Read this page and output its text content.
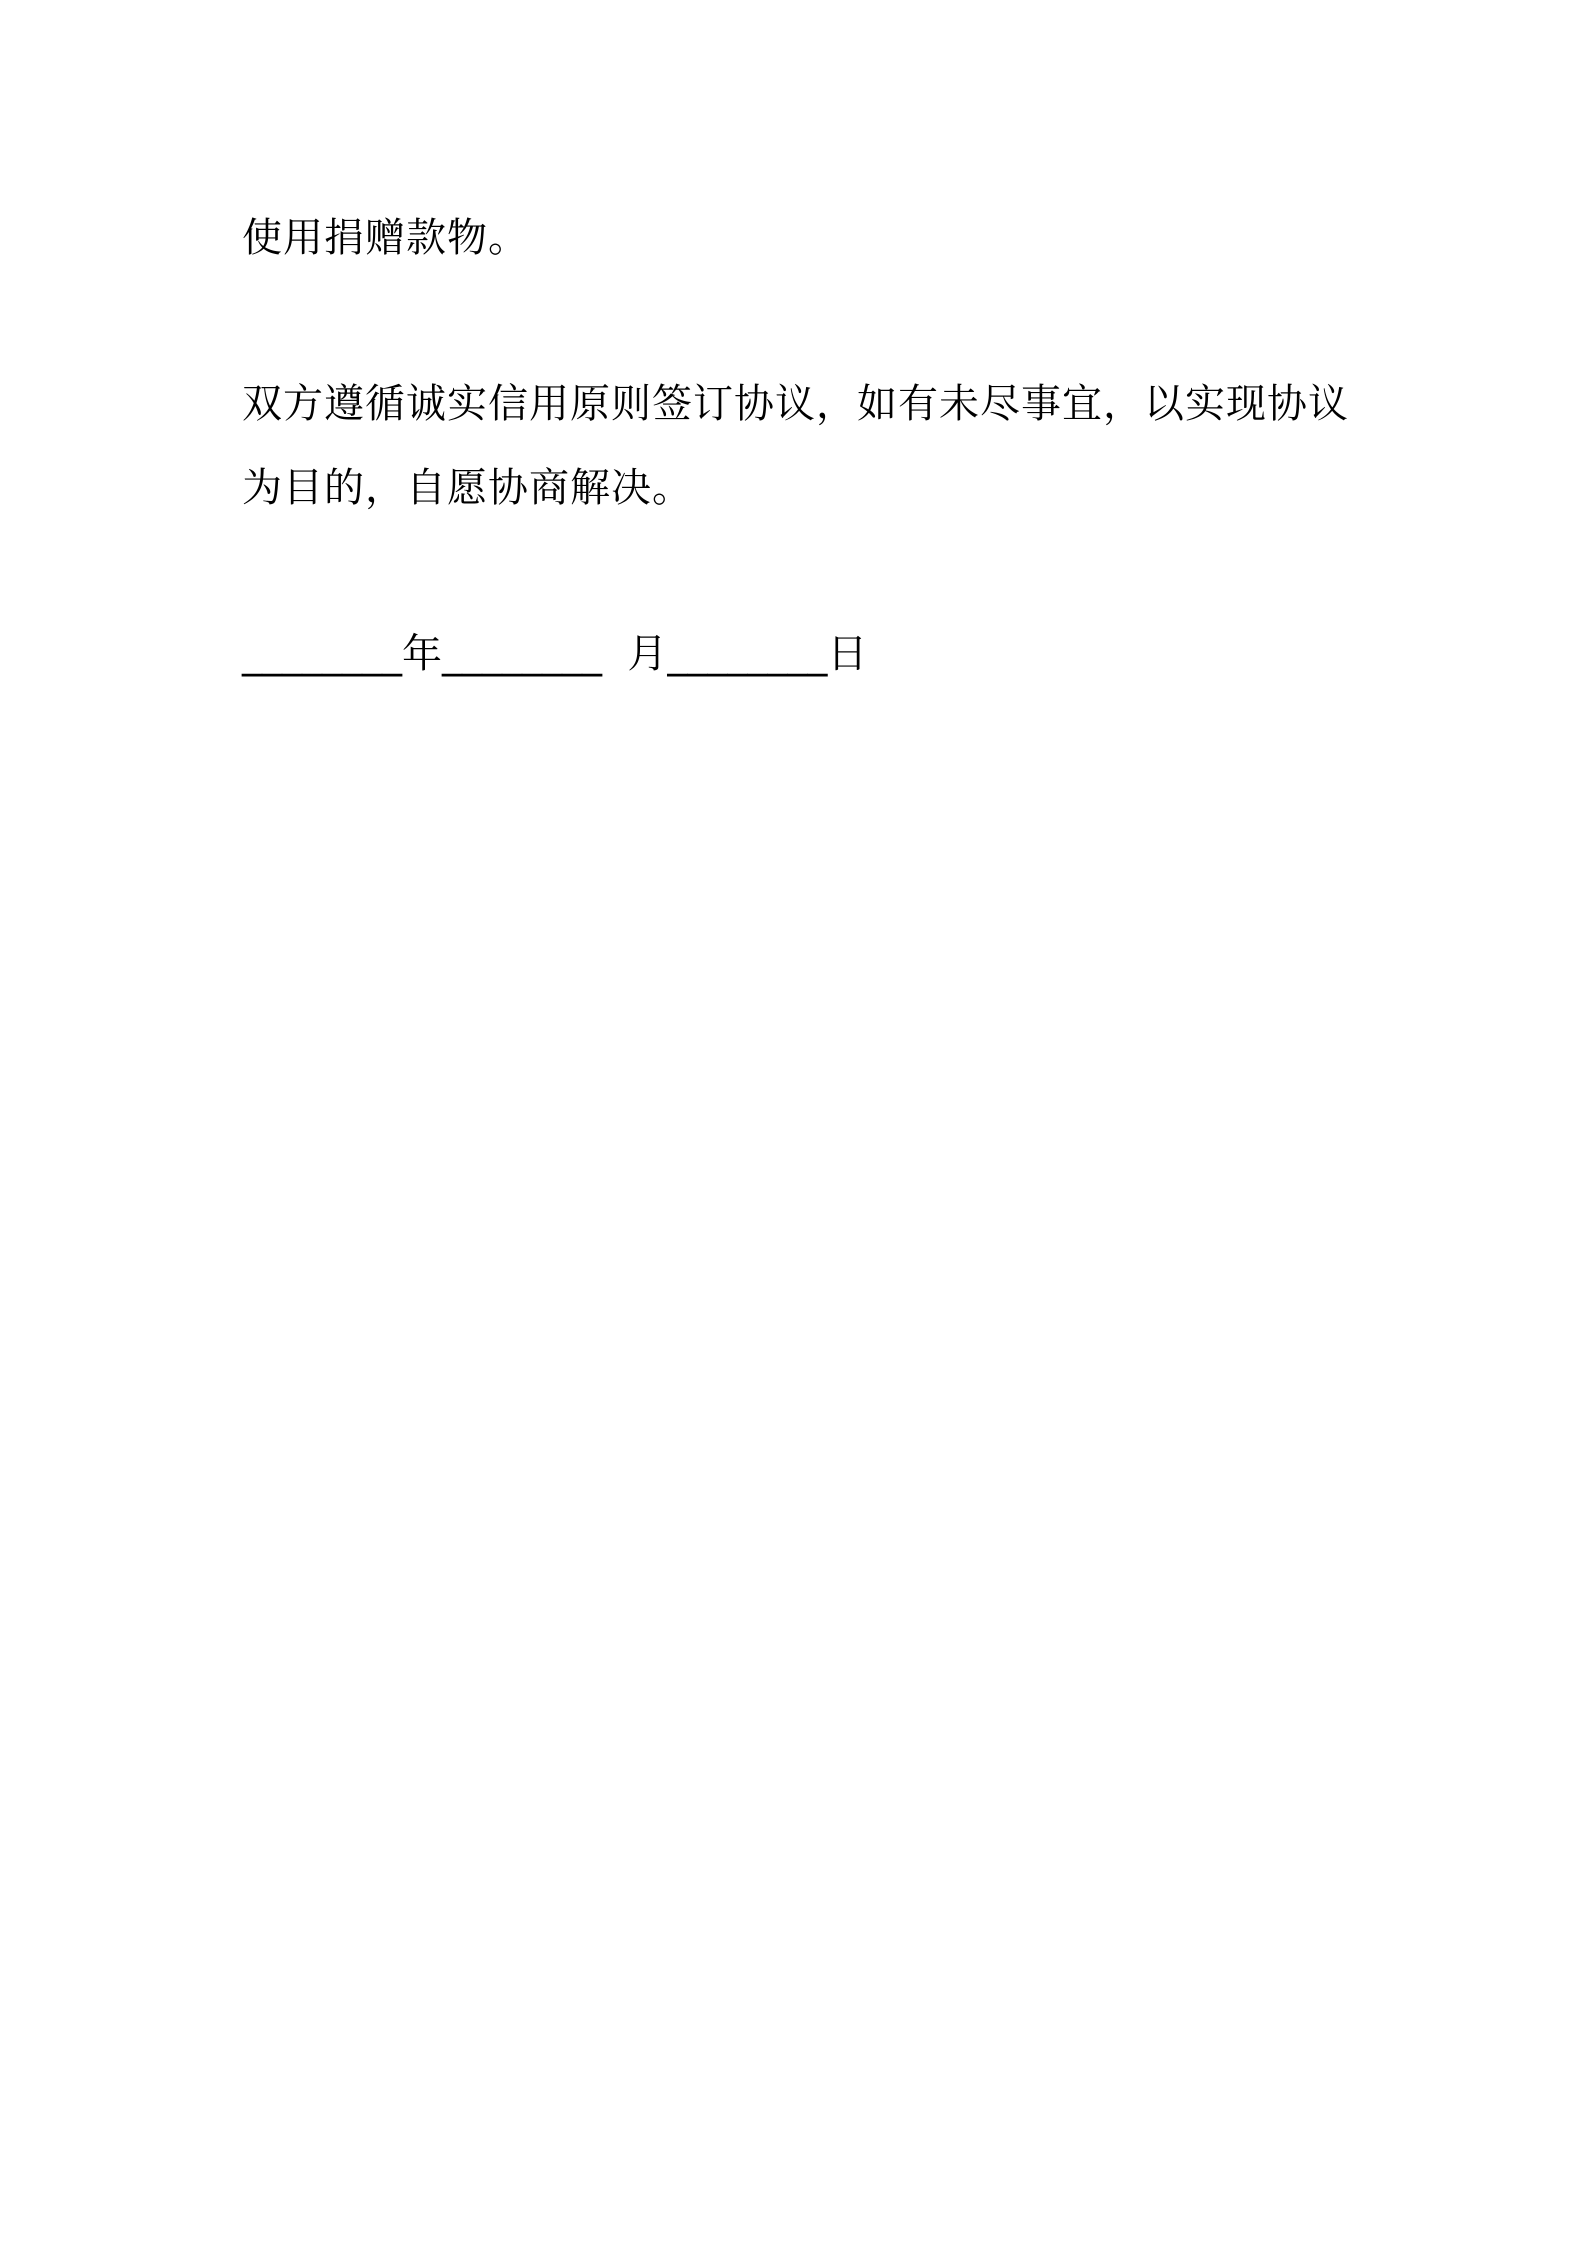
使用捐赠款物。

双方遵循诚实信用原则签订协议，如有未尽事宜，以实现协议为目的，自愿协商解决。

________年________  月________日
